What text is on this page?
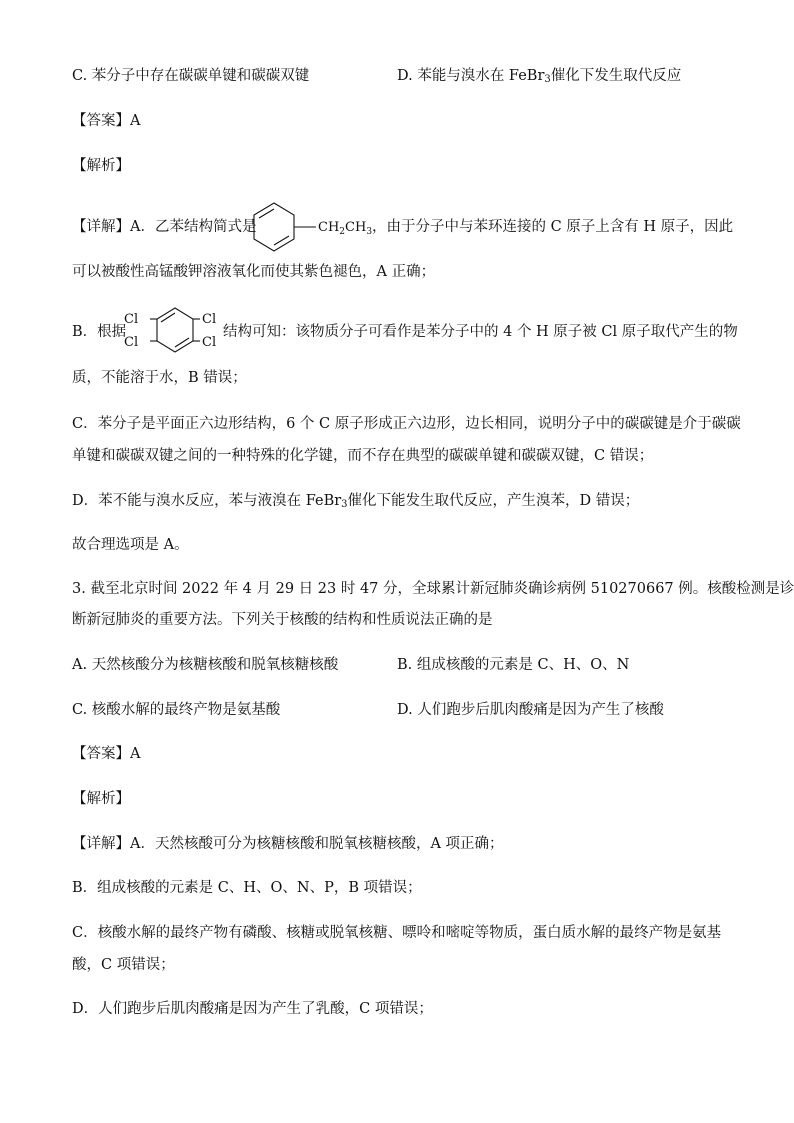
C. 苯分子中存在碳碳单键和碳碳双键	D. 苯能与溴水在 FeBr$_3$催化下发生取代反应
【答案】A
【解析】
【详解】A．乙苯结构简式是	$CH_2CH_3$ ，由于分子中与苯环连接的 C 原子上含有 H 原子，因此
可以被酸性高锰酸钾溶液氧化而使其紫色褪色，A 正确；
B．根据
Cl
Cl
Cl
Cl
结构可知：该物质分子可看作是苯分子中的 4 个 H 原子被 Cl 原子取代产生的物
质，不能溶于水，B 错误；
C．苯分子是平面正六边形结构，6 个 C 原子形成正六边形，边长相同，说明分子中的碳碳键是介于碳碳
单键和碳碳双键之间的一种特殊的化学键，而不存在典型的碳碳单键和碳碳双键，C 错误；
D．苯不能与溴水反应，苯与液溴在 FeBr$_3$催化下能发生取代反应，产生溴苯，D 错误；
故合理选项是 A。
3. 截至北京时间 2022 年 4 月 29 日 23 时 47 分，全球累计新冠肺炎确诊病例 510270667 例。核酸检测是诊
断新冠肺炎的重要方法。下列关于核酸的结构和性质说法正确的是
A. 天然核酸分为核糖核酸和脱氧核糖核酸	B. 组成核酸的元素是 C、H、O、N
C. 核酸水解的最终产物是氨基酸	D. 人们跑步后肌肉酸痛是因为产生了核酸
【答案】A
【解析】
【详解】A．天然核酸可分为核糖核酸和脱氧核糖核酸，A 项正确；
B．组成核酸的元素是 C、H、O、N、P，B 项错误；
C．核酸水解的最终产物有磷酸、核糖或脱氧核糖、嘌呤和嘧啶等物质，蛋白质水解的最终产物是氨基
酸，C 项错误；
D．人们跑步后肌肉酸痛是因为产生了乳酸，C 项错误；
